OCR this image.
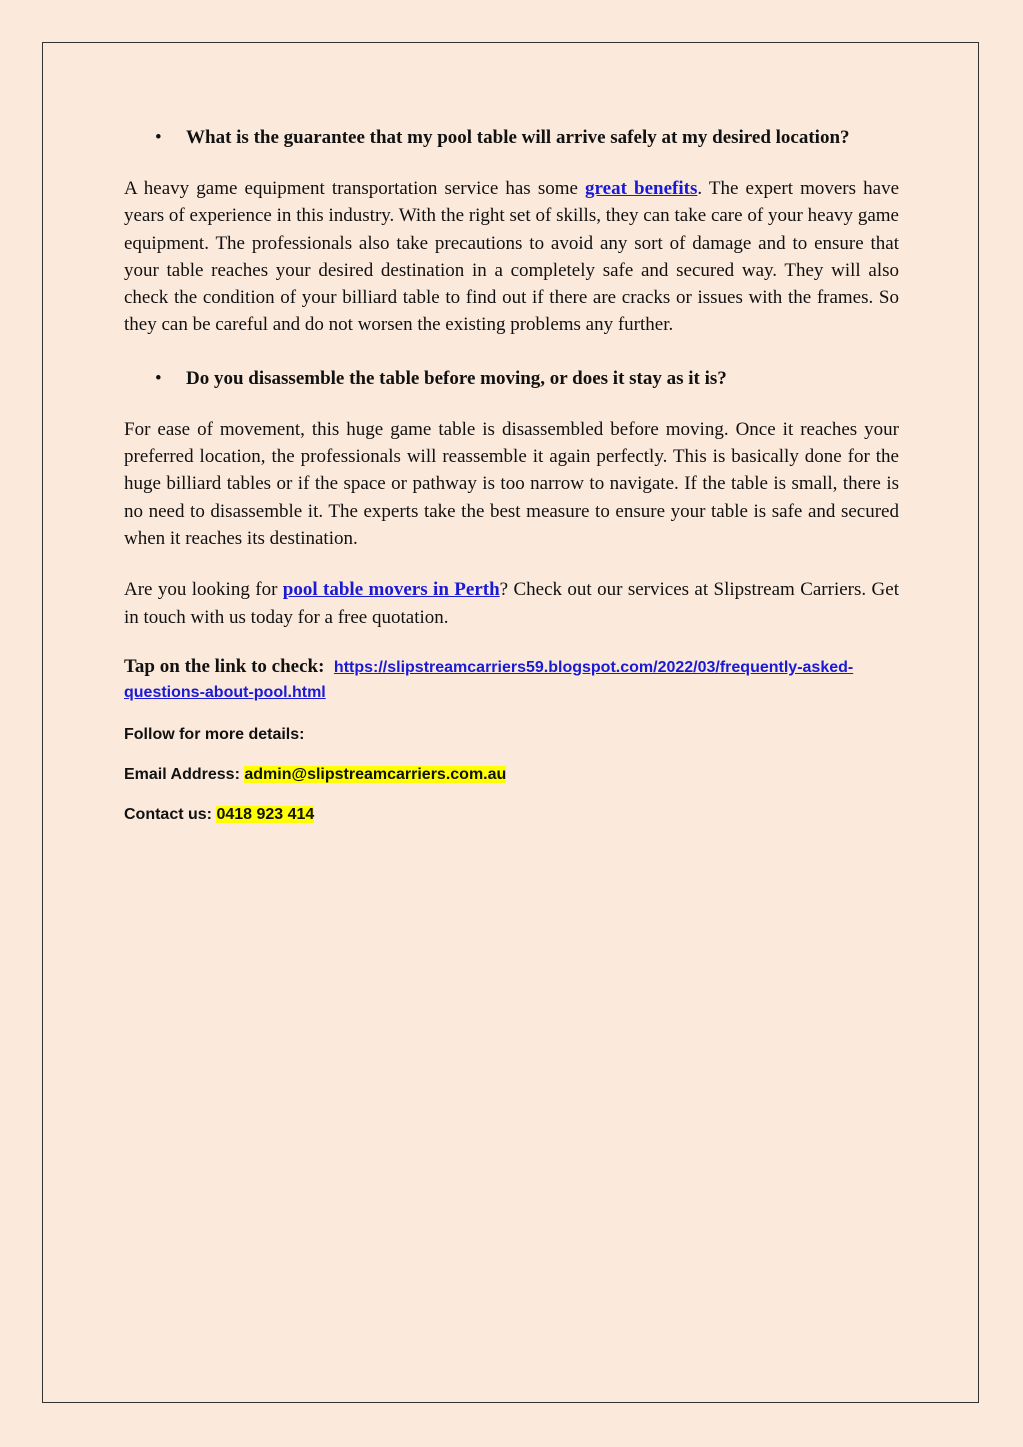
• What is the guarantee that my pool table will arrive safely at my desired location?

A heavy game equipment transportation service has some great benefits. The expert movers have years of experience in this industry. With the right set of skills, they can take care of your heavy game equipment. The professionals also take precautions to avoid any sort of damage and to ensure that your table reaches your desired destination in a completely safe and secured way. They will also check the condition of your billiard table to find out if there are cracks or issues with the frames. So they can be careful and do not worsen the existing problems any further.

• Do you disassemble the table before moving, or does it stay as it is?

For ease of movement, this huge game table is disassembled before moving. Once it reaches your preferred location, the professionals will reassemble it again perfectly. This is basically done for the huge billiard tables or if the space or pathway is too narrow to navigate. If the table is small, there is no need to disassemble it. The experts take the best measure to ensure your table is safe and secured when it reaches its destination.

Are you looking for pool table movers in Perth? Check out our services at Slipstream Carriers. Get in touch with us today for a free quotation.

Tap on the link to check: https://slipstreamcarriers59.blogspot.com/2022/03/frequently-asked-questions-about-pool.html

Follow for more details:

Email Address: admin@slipstreamcarriers.com.au

Contact us: 0418 923 414
